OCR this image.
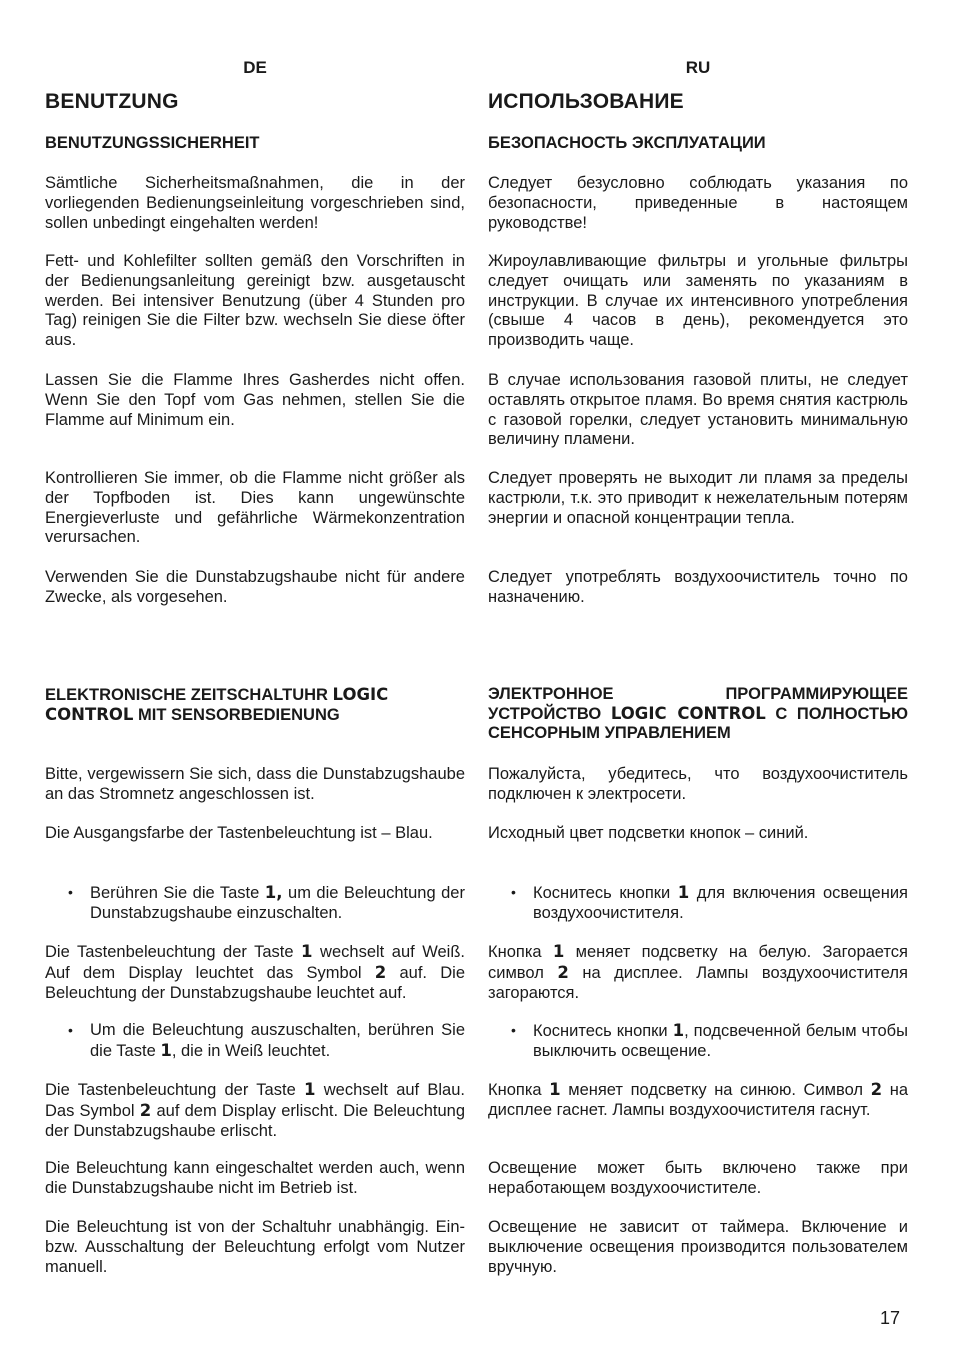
DE
BENUTZUNG
BENUTZUNGSSICHERHEIT

Sämtliche Sicherheitsmaßnahmen, die in der vorliegenden Bedienungseinleitung vorgeschrieben sind, sollen unbedingt eingehalten werden!

Fett- und Kohlefilter sollten gemäß den Vorschriften in der Bedienungsanleitung gereinigt bzw. ausgetauscht werden. Bei intensiver Benutzung (über 4 Stunden pro Tag) reinigen Sie die Filter bzw. wechseln Sie diese öfter aus.

Lassen Sie die Flamme Ihres Gasherdes nicht offen. Wenn Sie den Topf vom Gas nehmen, stellen Sie die Flamme auf Minimum ein.

Kontrollieren Sie immer, ob die Flamme nicht größer als der Topfboden ist. Dies kann ungewünschte Energieverluste und gefährliche Wärmekonzentration verursachen.

Verwenden Sie die Dunstabzugshaube nicht für andere Zwecke, als vorgesehen.

ELEKTRONISCHE ZEITSCHALTUHR LOGIC
CONTROL MIT SENSORBEDIENUNG

Bitte, vergewissern Sie sich, dass die Dunstabzugshaube an das Stromnetz angeschlossen ist.

Die Ausgangsfarbe der Tastenbeleuchtung ist – Blau.

• Berühren Sie die Taste 1, um die Beleuchtung der Dunstabzugshaube einzuschalten.

Die Tastenbeleuchtung der Taste 1 wechselt auf Weiß. Auf dem Display leuchtet das Symbol 2 auf. Die Beleuchtung der Dunstabzugshaube leuchtet auf.

• Um die Beleuchtung auszuschalten, berühren Sie die Taste 1, die in Weiß leuchtet.

Die Tastenbeleuchtung der Taste 1 wechselt auf Blau. Das Symbol 2 auf dem Display erlischt. Die Beleuchtung der Dunstabzugshaube erlischt.

Die Beleuchtung kann eingeschaltet werden auch, wenn die Dunstabzugshaube nicht im Betrieb ist.

Die Beleuchtung ist von der Schaltuhr unabhängig. Ein- bzw. Ausschaltung der Beleuchtung erfolgt vom Nutzer manuell.

RU
ИСПОЛЬЗОВАНИЕ
БЕЗОПАСНОСТЬ ЭКСПЛУАТАЦИИ

Следует безусловно соблюдать указания по безопасности, приведенные в настоящем руководстве!

Жироулавливающие фильтры и угольные фильтры следует очищать или заменять по указаниям в инструкции. В случае их интенсивного употребления (свыше 4 часов в день), рекомендуется это производить чаще.

В случае использования газовой плиты, не следует оставлять открытое пламя. Во время снятия кастрюль с газовой горелки, следует установить минимальную величину пламени.

Следует проверять не выходит ли пламя за пределы кастрюли, т.к. это приводит к нежелательным потерям энергии и опасной концентрации тепла.

Следует употреблять воздухоочиститель точно по назначению.

ЭЛЕКТРОННОЕ ПРОГРАММИРУЮЩЕЕ УСТРОЙСТВО LOGIC CONTROL С ПОЛНОСТЬЮ СЕНСОРНЫМ УПРАВЛЕНИЕМ

Пожалуйста, убедитесь, что воздухоочиститель подключен к электросети.

Исходный цвет подсветки кнопок – синий.

• Коснитесь кнопки 1 для включения освещения воздухоочистителя.

Кнопка 1 меняет подсветку на белую. Загорается символ 2 на дисплее. Лампы воздухоочистителя загораются.

• Коснитесь кнопки 1, подсвеченной белым чтобы выключить освещение.

Кнопка 1 меняет подсветку на синюю. Символ 2 на дисплее гаснет. Лампы воздухоочистителя гаснут.

Освещение может быть включено также при неработающем воздухоочистителе.

Освещение не зависит от таймера. Включение и выключение освещения производится пользователем вручную.

17
